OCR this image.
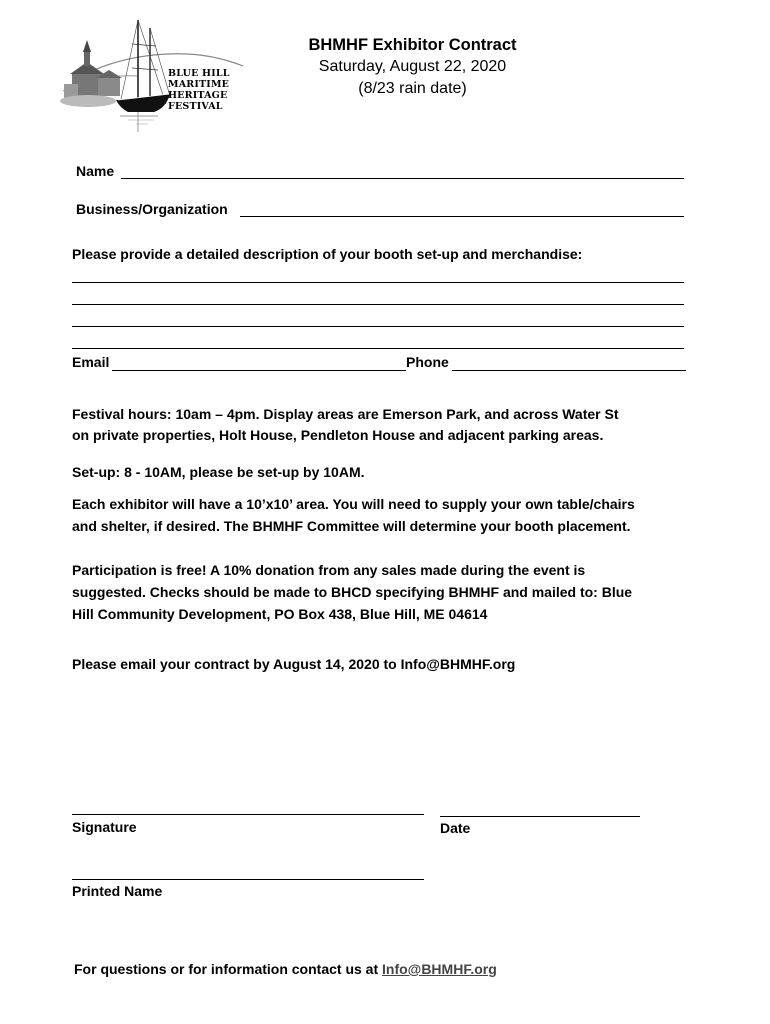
BLUE HILL
MARITIME
HERITAGE
FESTIVAL
BHMHF Exhibitor Contract
Saturday, August 22, 2020
(8/23 rain date)
Name
Business/Organization
Please provide a detailed description of your booth set-up and merchandise:
Email	Phone
Festival hours: 10am – 4pm. Display areas are Emerson Park, and across Water St
on private properties, Holt House, Pendleton House and adjacent parking areas.
Set-up: 8 - 10AM, please be set-up by 10AM.
Each exhibitor will have a 10’x10’ area. You will need to supply your own table/chairs
and shelter, if desired. The BHMHF Committee will determine your booth placement.
Participation is free! A 10% donation from any sales made during the event is
suggested. Checks should be made to BHCD specifying BHMHF and mailed to: Blue
Hill Community Development, PO Box 438, Blue Hill, ME 04614
Please email your contract by August 14, 2020 to Info@BHMHF.org
Signature	Date
Printed Name
For questions or for information contact us at Info@BHMHF.org
